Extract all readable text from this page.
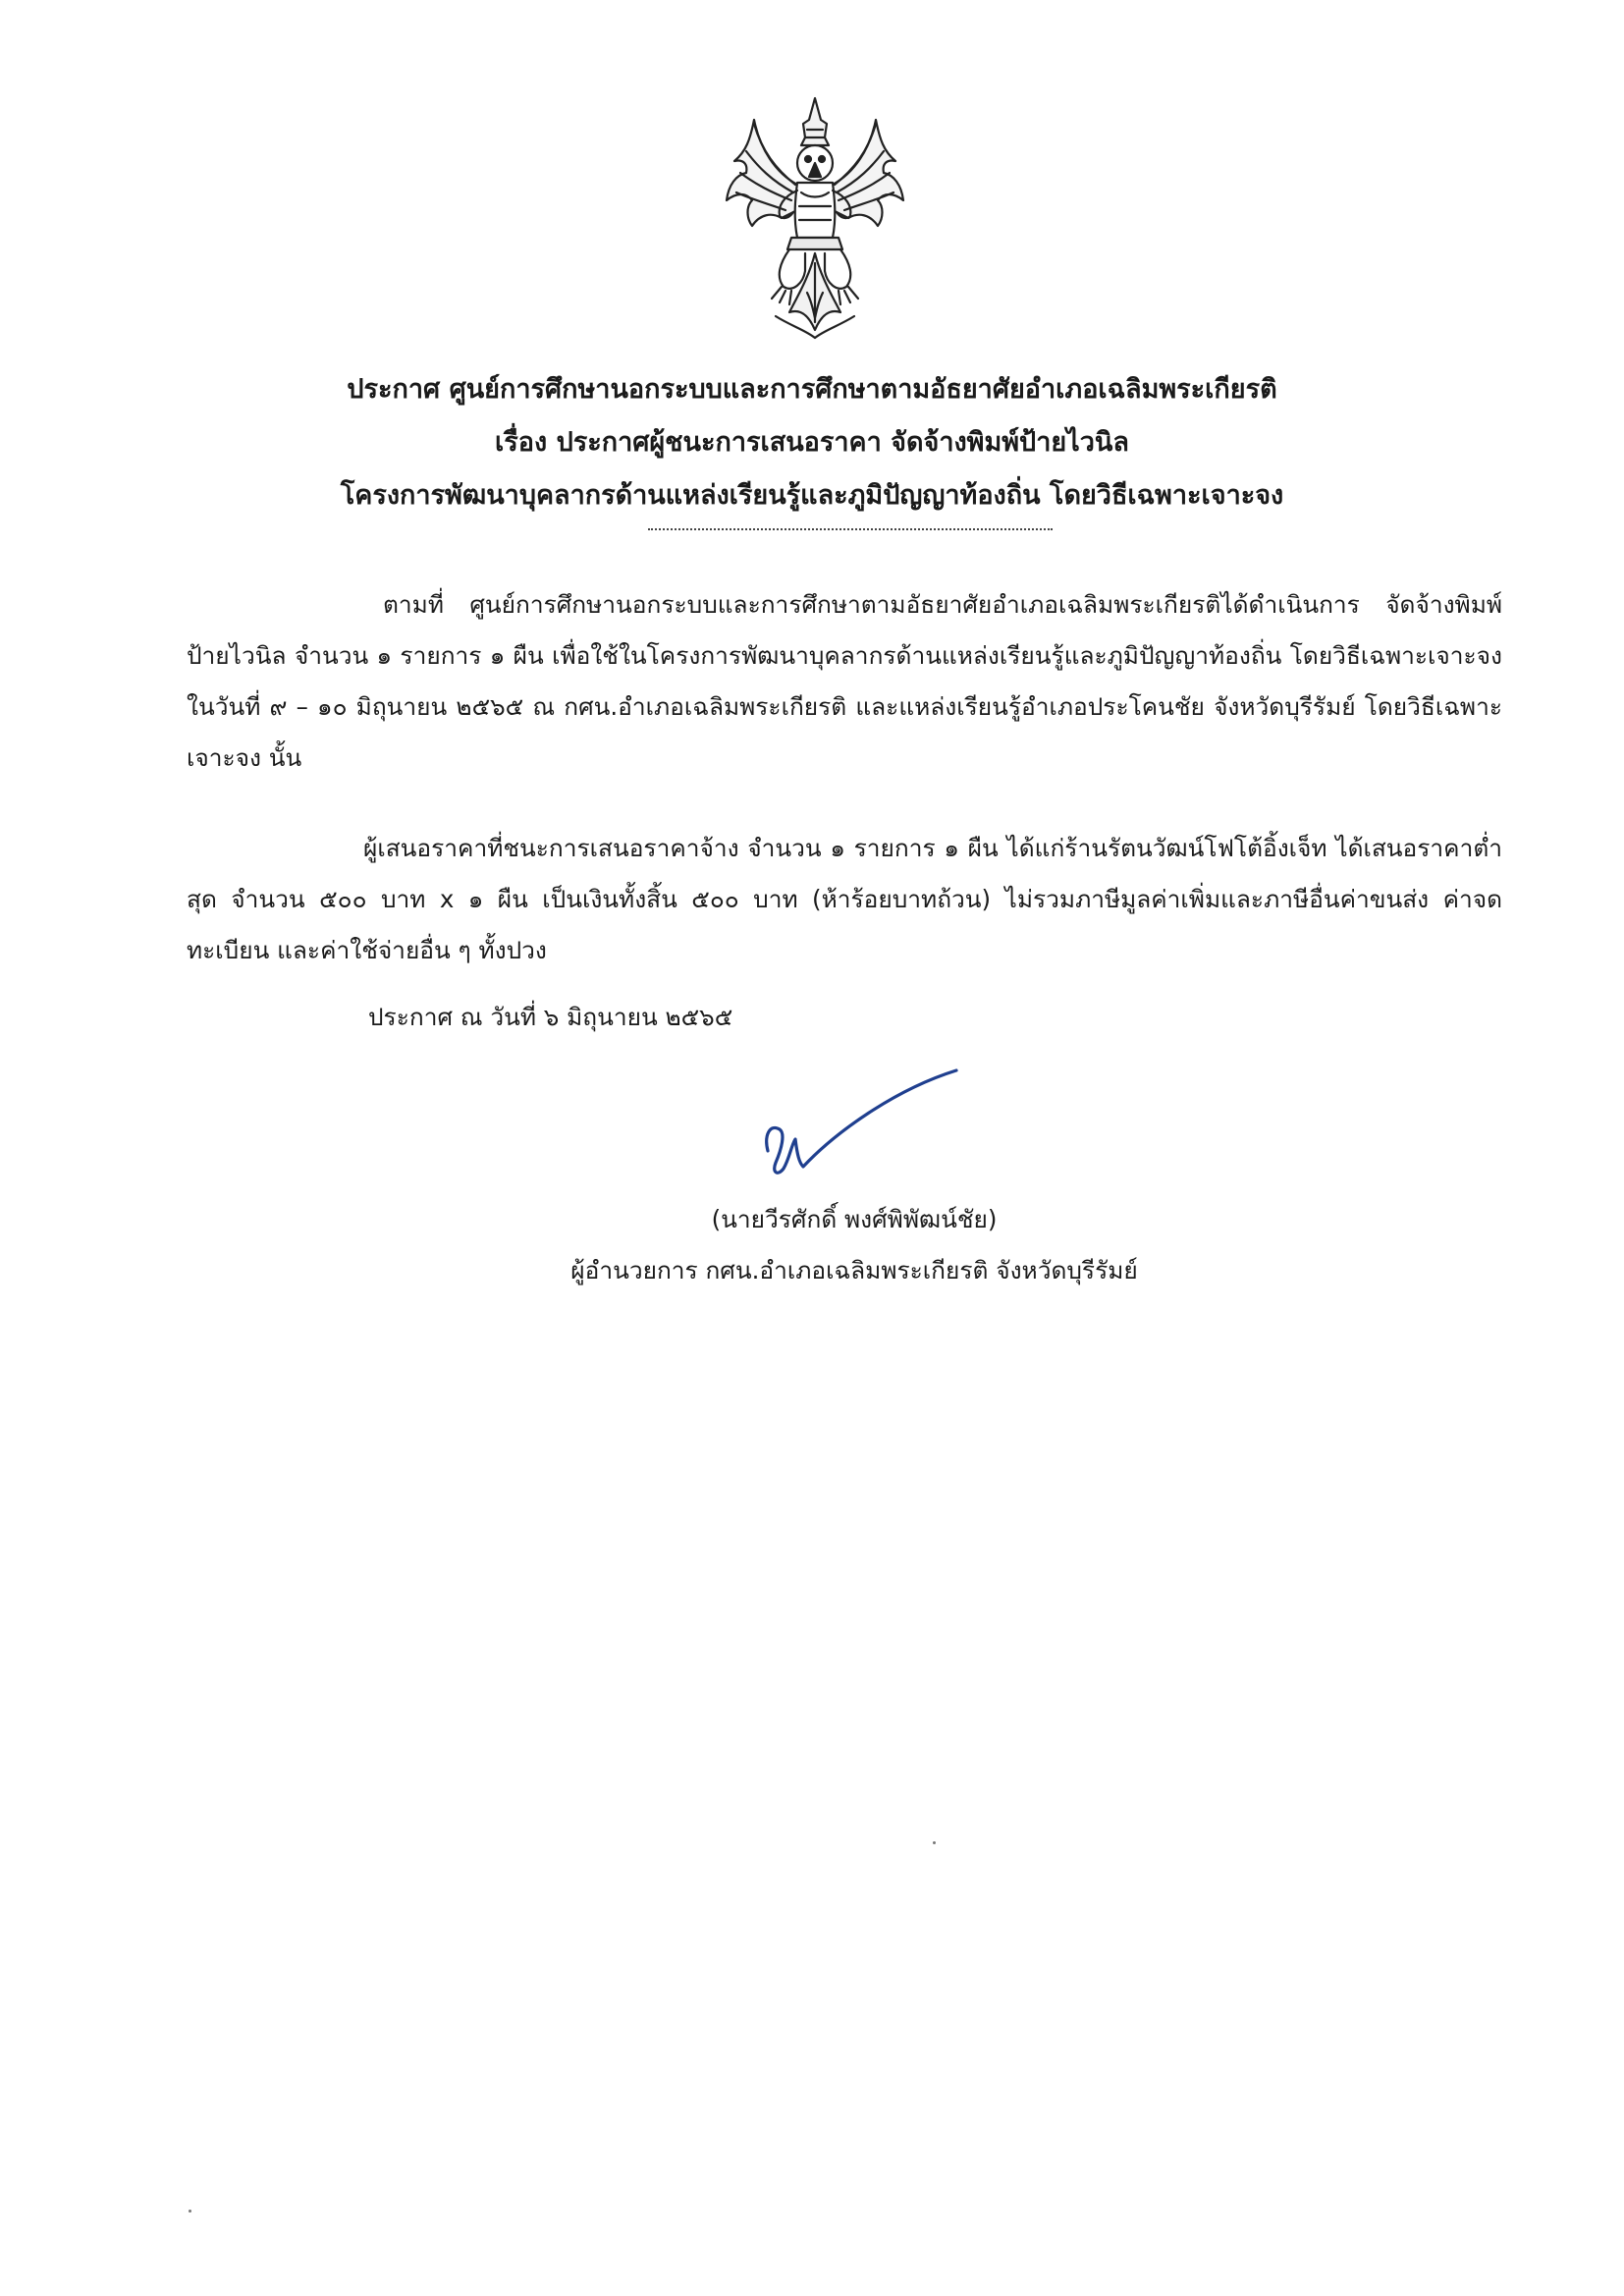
ประกาศ ศูนย์การศึกษานอกระบบและการศึกษาตามอัธยาศัยอำเภอเฉลิมพระเกียรติ
เรื่อง ประกาศผู้ชนะการเสนอราคา จัดจ้างพิมพ์ป้ายไวนิล
โครงการพัฒนาบุคลากรด้านแหล่งเรียนรู้และภูมิปัญญาท้องถิ่น โดยวิธีเฉพาะเจาะจง
ตามที่ ศูนย์การศึกษานอกระบบและการศึกษาตามอัธยาศัยอำเภอเฉลิมพระเกียรติได้ดำเนินการ จัดจ้างพิมพ์ป้ายไวนิล จำนวน ๑ รายการ ๑ ผืน เพื่อใช้ในโครงการพัฒนาบุคลากรด้านแหล่งเรียนรู้และภูมิปัญญาท้องถิ่น โดยวิธีเฉพาะเจาะจง ในวันที่ ๙ – ๑๐ มิถุนายน ๒๕๖๕ ณ กศน.อำเภอเฉลิมพระเกียรติ และแหล่งเรียนรู้อำเภอประโคนชัย จังหวัดบุรีรัมย์ โดยวิธีเฉพาะเจาะจง นั้น
ผู้เสนอราคาที่ชนะการเสนอราคาจ้าง จำนวน ๑ รายการ ๑ ผืน ได้แก่ร้านรัตนวัฒน์โฟโต้อิ้งเจ็ท ได้เสนอราคาต่ำสุด จำนวน ๕๐๐ บาท x ๑ ผืน เป็นเงินทั้งสิ้น ๕๐๐ บาท (ห้าร้อยบาทถ้วน) ไม่รวมภาษีมูลค่าเพิ่มและภาษีอื่นค่าขนส่ง ค่าจดทะเบียน และค่าใช้จ่ายอื่น ๆ ทั้งปวง
ประกาศ ณ วันที่ ๖ มิถุนายน ๒๕๖๕
(นายวีรศักดิ์ พงศ์พิพัฒน์ชัย)
ผู้อำนวยการ กศน.อำเภอเฉลิมพระเกียรติ จังหวัดบุรีรัมย์
